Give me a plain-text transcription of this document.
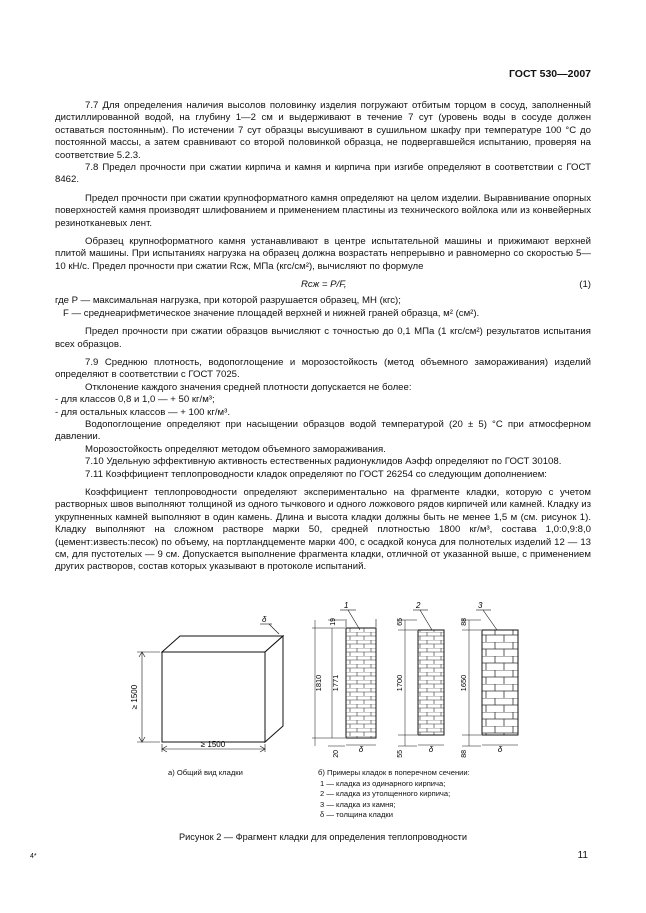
ГОСТ 530—2007

7.7 Для определения наличия высолов половинку изделия погружают отбитым торцом в сосуд, заполненный дистиллированной водой, на глубину 1—2 см и выдерживают в течение 7 сут (уровень воды в сосуде должен оставаться постоянным). По истечении 7 сут образцы высушивают в сушильном шкафу при температуре 100 °С до постоянной массы, а затем сравнивают со второй половинкой образца, не подвергавшейся испытанию, проверяя на соответствие 5.2.3.

7.8 Предел прочности при сжатии кирпича и камня и кирпича при изгибе определяют в соответствии с ГОСТ 8462.

Предел прочности при сжатии крупноформатного камня определяют на целом изделии. Выравнивание опорных поверхностей камня производят шлифованием и применением пластины из технического войлока или из конвейерных резинотканевых лент.

Образец крупноформатного камня устанавливают в центре испытательной машины и прижимают верхней плитой машины. При испытаниях нагрузка на образец должна возрастать непрерывно и равномерно со скоростью 5—10 кН/с. Предел прочности при сжатии Rсж, МПа (кгс/см²), вычисляют по формуле

Rсж = P/F,	(1)

где P — максимальная нагрузка, при которой разрушается образец, МН (кгс);

F — среднеарифметическое значение площадей верхней и нижней граней образца, м² (см²).

Предел прочности при сжатии образцов вычисляют с точностью до 0,1 МПа (1 кгс/см²) результатов испытания всех образцов.

7.9 Среднюю плотность, водопоглощение и морозостойкость (метод объемного замораживания) изделий определяют в соответствии с ГОСТ 7025.

Отклонение каждого значения средней плотности допускается не более:

- для классов 0,8 и 1,0 — + 50 кг/м³;

- для остальных классов — + 100 кг/м³.

Водопоглощение определяют при насыщении образцов водой температурой (20 ± 5) °С при атмосферном давлении.

Морозостойкость определяют методом объемного замораживания.

7.10 Удельную эффективную активность естественных радионуклидов Аэфф определяют по ГОСТ 30108.

7.11 Коэффициент теплопроводности кладок определяют по ГОСТ 26254 со следующим дополнением:

Коэффициент теплопроводности определяют экспериментально на фрагменте кладки, которую с учетом растворных швов выполняют толщиной из одного тычкового и одного ложкового рядов кирпичей или камней. Кладку из укрупненных камней выполняют в один камень. Длина и высота кладки должны быть не менее 1,5 м (см. рисунок 1). Кладку выполняют на сложном растворе марки 50, средней плотностью 1800 кг/м³, состава 1,0:0,9:8,0 (цемент:известь:песок) по объему, на портландцементе марки 400, с осадкой конуса для полнотелых изделий 12 — 13 см, для пустотелых — 9 см. Допускается выполнение фрагмента кладки, отличной от указанной выше, с применением других растворов, состав которых указывают в протоколе испытаний.

≥ 1500
≥ 1500
δ
1
19
1771
1810
20 δ
2
65
1700
55	δ
3
88
1650
88	δ
а) Общий вид кладки	б) Примеры кладок в поперечном сечении:
1 — кладка из одинарного кирпича;
2 — кладка из утолщенного кирпича;
3 — кладка из камня;
δ — толщина кладки
Рисунок 2 — Фрагмент кладки для определения теплопроводности
4*	11
